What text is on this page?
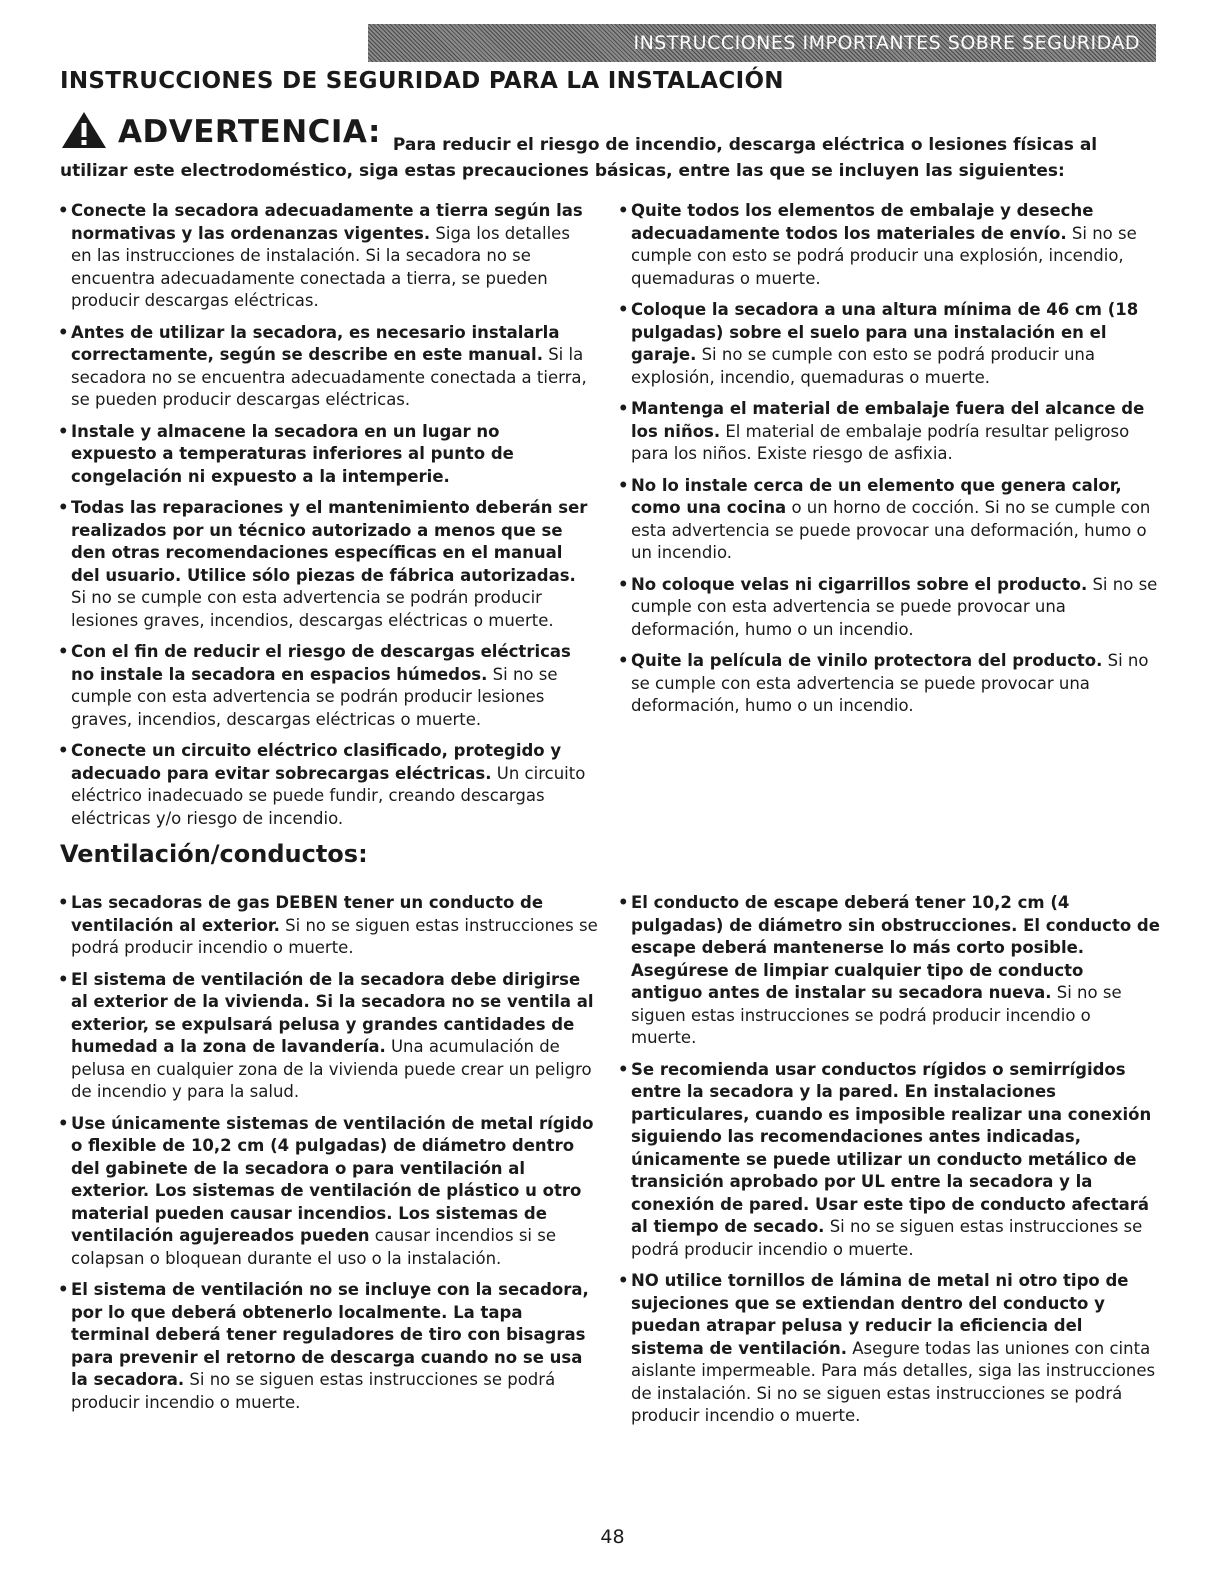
INSTRUCCIONES IMPORTANTES SOBRE SEGURIDAD
INSTRUCCIONES DE SEGURIDAD PARA LA INSTALACIÓN
ADVERTENCIA: Para reducir el riesgo de incendio, descarga eléctrica o lesiones físicas al utilizar este electrodoméstico, siga estas precauciones básicas, entre las que se incluyen las siguientes:
• Conecte la secadora adecuadamente a tierra según las normativas y las ordenanzas vigentes. Siga los detalles en las instrucciones de instalación. Si la secadora no se encuentra adecuadamente conectada a tierra, se pueden producir descargas eléctricas.
• Antes de utilizar la secadora, es necesario instalarla correctamente, según se describe en este manual. Si la secadora no se encuentra adecuadamente conectada a tierra, se pueden producir descargas eléctricas.
• Instale y almacene la secadora en un lugar no expuesto a temperaturas inferiores al punto de congelación ni expuesto a la intemperie.
• Todas las reparaciones y el mantenimiento deberán ser realizados por un técnico autorizado a menos que se den otras recomendaciones específicas en el manual del usuario. Utilice sólo piezas de fábrica autorizadas. Si no se cumple con esta advertencia se podrán producir lesiones graves, incendios, descargas eléctricas o muerte.
• Con el fin de reducir el riesgo de descargas eléctricas no instale la secadora en espacios húmedos. Si no se cumple con esta advertencia se podrán producir lesiones graves, incendios, descargas eléctricas o muerte.
• Conecte un circuito eléctrico clasificado, protegido y adecuado para evitar sobrecargas eléctricas. Un circuito eléctrico inadecuado se puede fundir, creando descargas eléctricas y/o riesgo de incendio.
• Quite todos los elementos de embalaje y deseche adecuadamente todos los materiales de envío. Si no se cumple con esto se podrá producir una explosión, incendio, quemaduras o muerte.
• Coloque la secadora a una altura mínima de 46 cm (18 pulgadas) sobre el suelo para una instalación en el garaje. Si no se cumple con esto se podrá producir una explosión, incendio, quemaduras o muerte.
• Mantenga el material de embalaje fuera del alcance de los niños. El material de embalaje podría resultar peligroso para los niños. Existe riesgo de asfixia.
• No lo instale cerca de un elemento que genera calor, como una cocina o un horno de cocción. Si no se cumple con esta advertencia se puede provocar una deformación, humo o un incendio.
• No coloque velas ni cigarrillos sobre el producto. Si no se cumple con esta advertencia se puede provocar una deformación, humo o un incendio.
• Quite la película de vinilo protectora del producto. Si no se cumple con esta advertencia se puede provocar una deformación, humo o un incendio.
Ventilación/conductos:
• Las secadoras de gas DEBEN tener un conducto de ventilación al exterior. Si no se siguen estas instrucciones se podrá producir incendio o muerte.
• El sistema de ventilación de la secadora debe dirigirse al exterior de la vivienda. Si la secadora no se ventila al exterior, se expulsará pelusa y grandes cantidades de humedad a la zona de lavandería. Una acumulación de pelusa en cualquier zona de la vivienda puede crear un peligro de incendio y para la salud.
• Use únicamente sistemas de ventilación de metal rígido o flexible de 10,2 cm (4 pulgadas) de diámetro dentro del gabinete de la secadora o para ventilación al exterior. Los sistemas de ventilación de plástico u otro material pueden causar incendios. Los sistemas de ventilación agujereados pueden causar incendios si se colapsan o bloquean durante el uso o la instalación.
• El sistema de ventilación no se incluye con la secadora, por lo que deberá obtenerlo localmente. La tapa terminal deberá tener reguladores de tiro con bisagras para prevenir el retorno de descarga cuando no se usa la secadora. Si no se siguen estas instrucciones se podrá producir incendio o muerte.
• El conducto de escape deberá tener 10,2 cm (4 pulgadas) de diámetro sin obstrucciones. El conducto de escape deberá mantenerse lo más corto posible. Asegúrese de limpiar cualquier tipo de conducto antiguo antes de instalar su secadora nueva. Si no se siguen estas instrucciones se podrá producir incendio o muerte.
• Se recomienda usar conductos rígidos o semirrígidos entre la secadora y la pared. En instalaciones particulares, cuando es imposible realizar una conexión siguiendo las recomendaciones antes indicadas, únicamente se puede utilizar un conducto metálico de transición aprobado por UL entre la secadora y la conexión de pared. Usar este tipo de conducto afectará al tiempo de secado. Si no se siguen estas instrucciones se podrá producir incendio o muerte.
• NO utilice tornillos de lámina de metal ni otro tipo de sujeciones que se extiendan dentro del conducto y puedan atrapar pelusa y reducir la eficiencia del sistema de ventilación. Asegure todas las uniones con cinta aislante impermeable. Para más detalles, siga las instrucciones de instalación. Si no se siguen estas instrucciones se podrá producir incendio o muerte.
48
